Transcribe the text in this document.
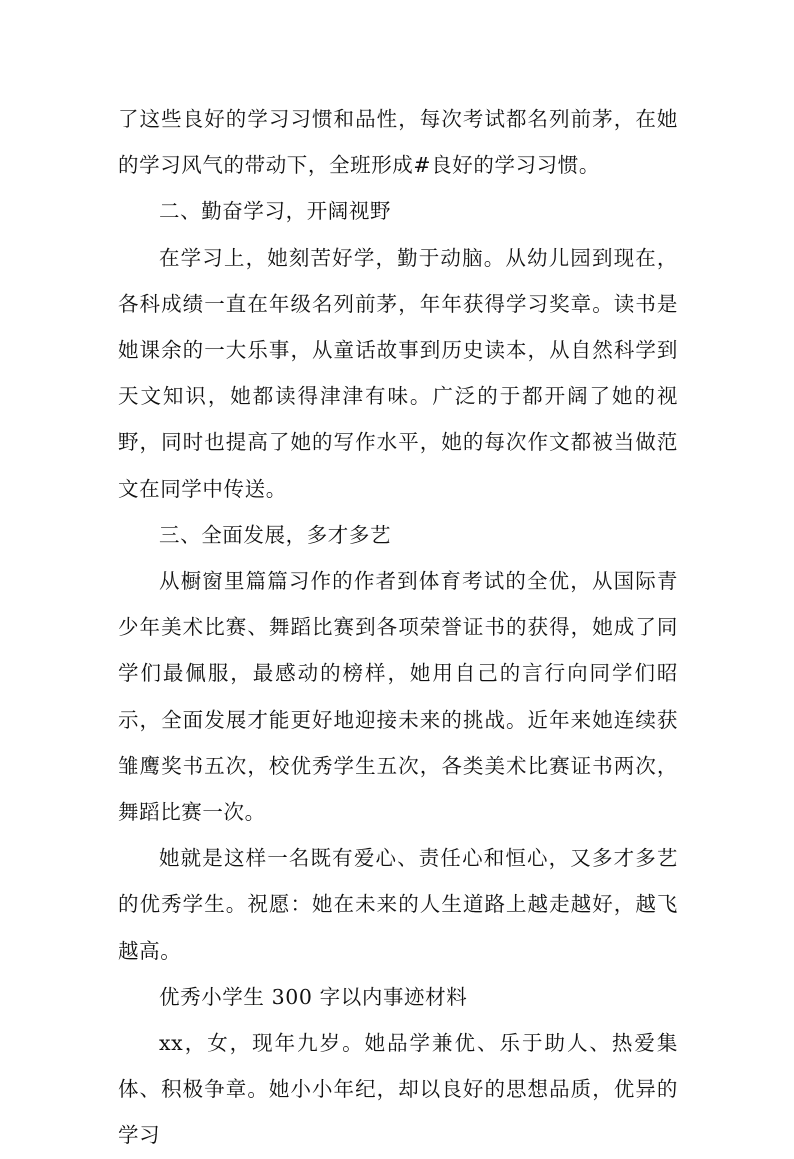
了这些良好的学习习惯和品性，每次考试都名列前茅，在她的学习风气的带动下，全班形成#良好的学习习惯。

二、勤奋学习，开阔视野

在学习上，她刻苦好学，勤于动脑。从幼儿园到现在，各科成绩一直在年级名列前茅，年年获得学习奖章。读书是她课余的一大乐事，从童话故事到历史读本，从自然科学到天文知识，她都读得津津有味。广泛的于都开阔了她的视野，同时也提高了她的写作水平，她的每次作文都被当做范文在同学中传送。

三、全面发展，多才多艺

从橱窗里篇篇习作的作者到体育考试的全优，从国际青少年美术比赛、舞蹈比赛到各项荣誉证书的获得，她成了同学们最佩服，最感动的榜样，她用自己的言行向同学们昭示，全面发展才能更好地迎接未来的挑战。近年来她连续获雏鹰奖书五次，校优秀学生五次，各类美术比赛证书两次，舞蹈比赛一次。

她就是这样一名既有爱心、责任心和恒心，又多才多艺的优秀学生。祝愿：她在未来的人生道路上越走越好，越飞越高。

优秀小学生 300 字以内事迹材料

xx，女，现年九岁。她品学兼优、乐于助人、热爱集体、积极争章。她小小年纪，却以良好的思想品质，优异的学习
